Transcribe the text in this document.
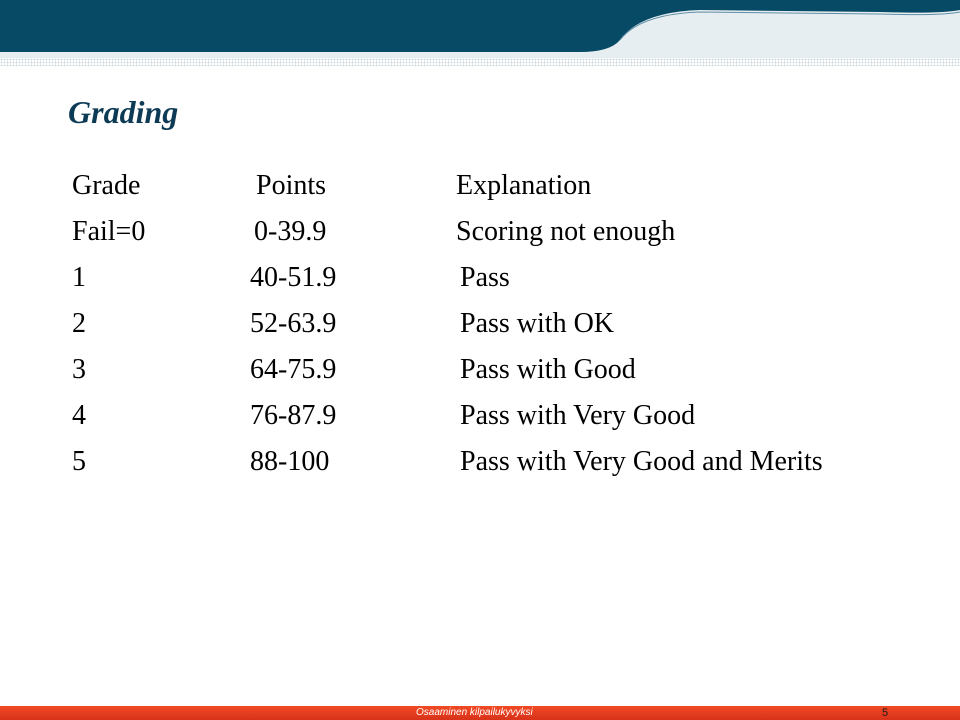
Grading
Grade	Points	Explanation
Fail=0	0-39.9	Scoring not enough
1	40-51.9	Pass
2	52-63.9	Pass with OK
3	64-75.9	Pass with Good
4	76-87.9	Pass with Very Good
5	88-100	Pass with Very Good and Merits
Osaaminen kilpailukyvyksi	5
